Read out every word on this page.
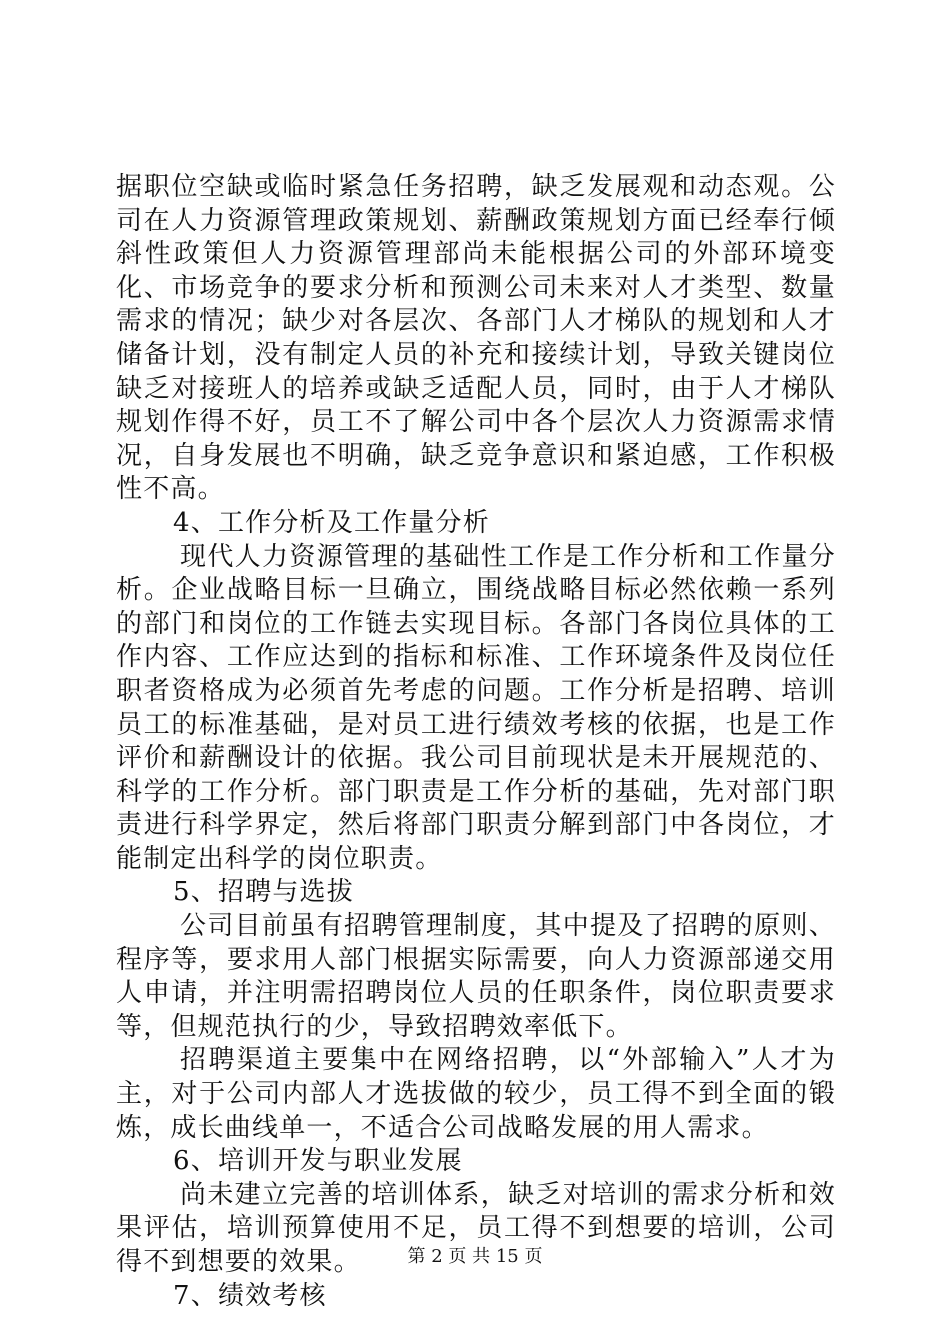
据职位空缺或临时紧急任务招聘，缺乏发展观和动态观。公司在人力资源管理政策规划、薪酬政策规划方面已经奉行倾斜性政策但人力资源管理部尚未能根据公司的外部环境变化、市场竞争的要求分析和预测公司未来对人才类型、数量需求的情况；缺少对各层次、各部门人才梯队的规划和人才储备计划，没有制定人员的补充和接续计划，导致关键岗位缺乏对接班人的培养或缺乏适配人员，同时，由于人才梯队规划作得不好，员工不了解公司中各个层次人力资源需求情况，自身发展也不明确，缺乏竞争意识和紧迫感，工作积极性不高。

4、工作分析及工作量分析

现代人力资源管理的基础性工作是工作分析和工作量分析。企业战略目标一旦确立，围绕战略目标必然依赖一系列的部门和岗位的工作链去实现目标。各部门各岗位具体的工作内容、工作应达到的指标和标准、工作环境条件及岗位任职者资格成为必须首先考虑的问题。工作分析是招聘、培训员工的标准基础，是对员工进行绩效考核的依据，也是工作评价和薪酬设计的依据。我公司目前现状是未开展规范的、科学的工作分析。部门职责是工作分析的基础，先对部门职责进行科学界定，然后将部门职责分解到部门中各岗位，才能制定出科学的岗位职责。

5、招聘与选拔

公司目前虽有招聘管理制度，其中提及了招聘的原则、程序等，要求用人部门根据实际需要，向人力资源部递交用人申请，并注明需招聘岗位人员的任职条件，岗位职责要求等，但规范执行的少，导致招聘效率低下。

招聘渠道主要集中在网络招聘，以“外部输入”人才为主，对于公司内部人才选拔做的较少，员工得不到全面的锻炼，成长曲线单一，不适合公司战略发展的用人需求。

6、培训开发与职业发展

尚未建立完善的培训体系，缺乏对培训的需求分析和效果评估，培训预算使用不足，员工得不到想要的培训，公司得不到想要的效果。

7、绩效考核

第 2 页 共 15 页
